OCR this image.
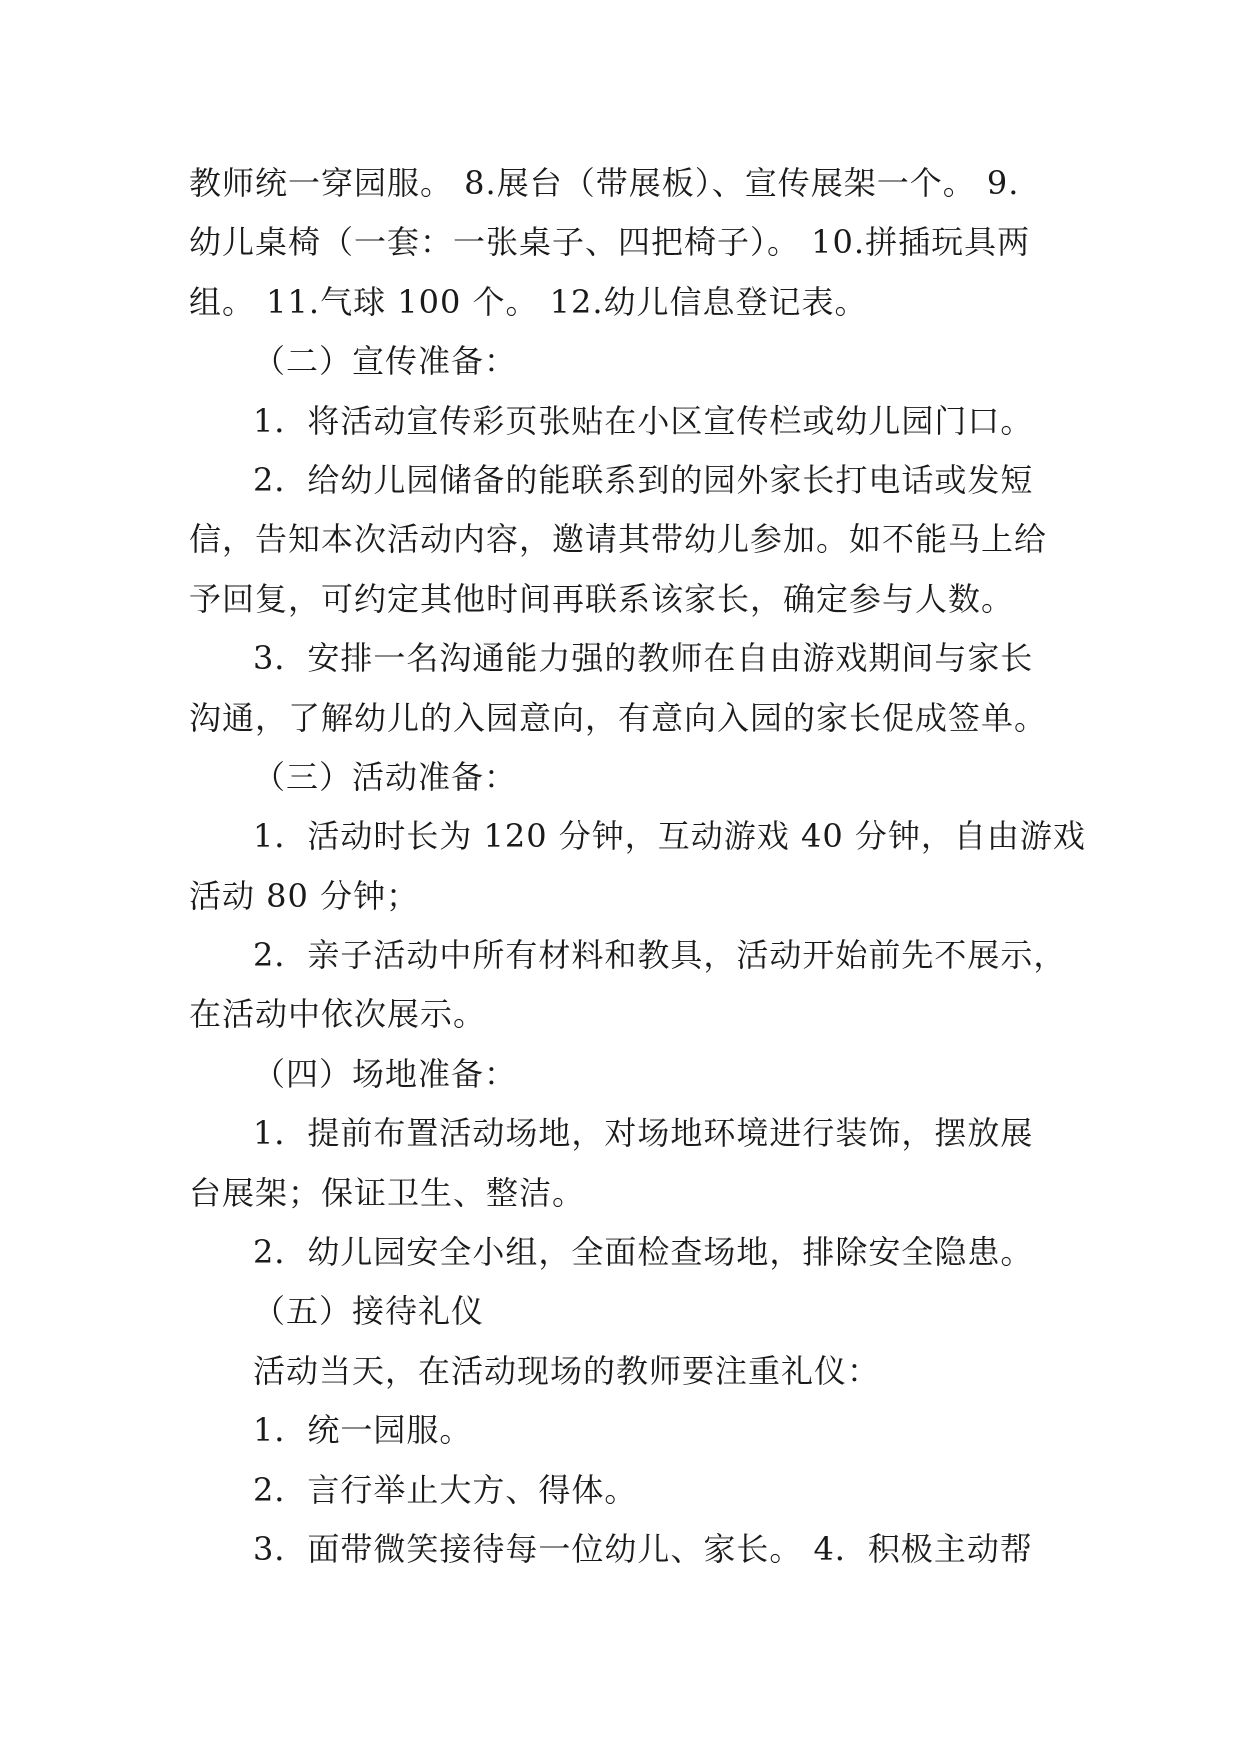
教师统一穿园服。 8.展台（带展板）、宣传展架一个。 9.
幼儿桌椅（一套：一张桌子、四把椅子）。 10.拼插玩具两
组。 11.气球 100 个。 12.幼儿信息登记表。
（二）宣传准备：
1．将活动宣传彩页张贴在小区宣传栏或幼儿园门口。
2．给幼儿园储备的能联系到的园外家长打电话或发短
信，告知本次活动内容，邀请其带幼儿参加。如不能马上给
予回复，可约定其他时间再联系该家长，确定参与人数。
3．安排一名沟通能力强的教师在自由游戏期间与家长
沟通，了解幼儿的入园意向，有意向入园的家长促成签单。
（三）活动准备：
1．活动时长为 120 分钟，互动游戏 40 分钟，自由游戏
活动 80 分钟；
2．亲子活动中所有材料和教具，活动开始前先不展示，
在活动中依次展示。
（四）场地准备：
1．提前布置活动场地，对场地环境进行装饰，摆放展
台展架；保证卫生、整洁。
2．幼儿园安全小组，全面检查场地，排除安全隐患。
（五）接待礼仪
活动当天，在活动现场的教师要注重礼仪：
1．统一园服。
2．言行举止大方、得体。
3．面带微笑接待每一位幼儿、家长。 4．积极主动帮
